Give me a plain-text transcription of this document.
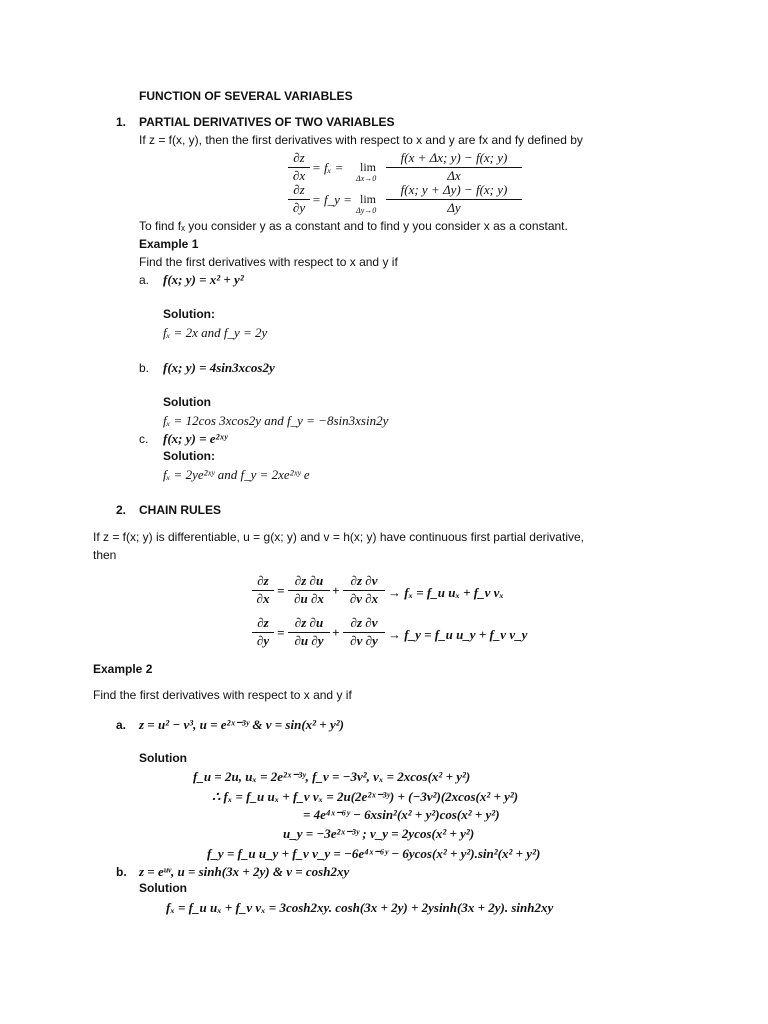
FUNCTION OF SEVERAL VARIABLES
1. PARTIAL DERIVATIVES OF TWO VARIABLES
If z = f(x, y), then the first derivatives with respect to x and y are fx and fy defined by
∂z
∂x
= fₓ = lim
Δx→0
f(x + Δx; y) − f(x; y)
Δx
∂z
∂y
= f_y = lim
Δy→0
f(x; y + Δy) − f(x; y)
Δy
To find fₓ you consider y as a constant and to find y you consider x as a constant.
Example 1
Find the first derivatives with respect to x and y if
a. f(x; y) = x² + y²
Solution:
fₓ = 2x and f_y = 2y
b. f(x; y) = 4sin3xcos2y
Solution
fₓ = 12cos 3xcos2y and f_y = −8sin3xsin2y
c. f(x; y) = e²ˣʸ
Solution:
fₓ = 2ye²ˣʸ and f_y = 2xe²ˣʸ e
2. CHAIN RULES
If z = f(x; y) is differentiable, u = g(x; y) and v = h(x; y) have continuous first partial derivative,
then
∂z
∂x
=
∂z ∂u
∂u ∂x
+
∂z ∂v
∂v ∂x → fₓ = f_u uₓ + f_v vₓ
∂z
∂y
=
∂z ∂u
∂u ∂y
+
∂z ∂v
∂v ∂y → f_y = f_u u_y + f_v v_y
Example 2
Find the first derivatives with respect to x and y if
a. z = u² − v³, u = e²ˣ⁻³ʸ & v = sin(x² + y²)
Solution
f_u = 2u, uₓ = 2e²ˣ⁻³ʸ, f_v = −3v², vₓ = 2xcos(x² + y²)
∴ fₓ = f_u uₓ + f_v vₓ = 2u(2e²ˣ⁻³ʸ) + (−3v²)(2xcos(x² + y²)
= 4e⁴ˣ⁻⁶ʸ − 6xsin²(x² + y²)cos(x² + y²)
u_y = −3e²ˣ⁻³ʸ ; v_y = 2ycos(x² + y²)
f_y = f_u u_y + f_v v_y = −6e⁴ˣ⁻⁶ʸ − 6ycos(x² + y²).sin²(x² + y²)
b. z = eᵘᵛ, u = sinh(3x + 2y) & v = cosh2xy
Solution
fₓ = f_u uₓ + f_v vₓ = 3cosh2xy. cosh(3x + 2y) + 2ysinh(3x + 2y). sinh2xy
